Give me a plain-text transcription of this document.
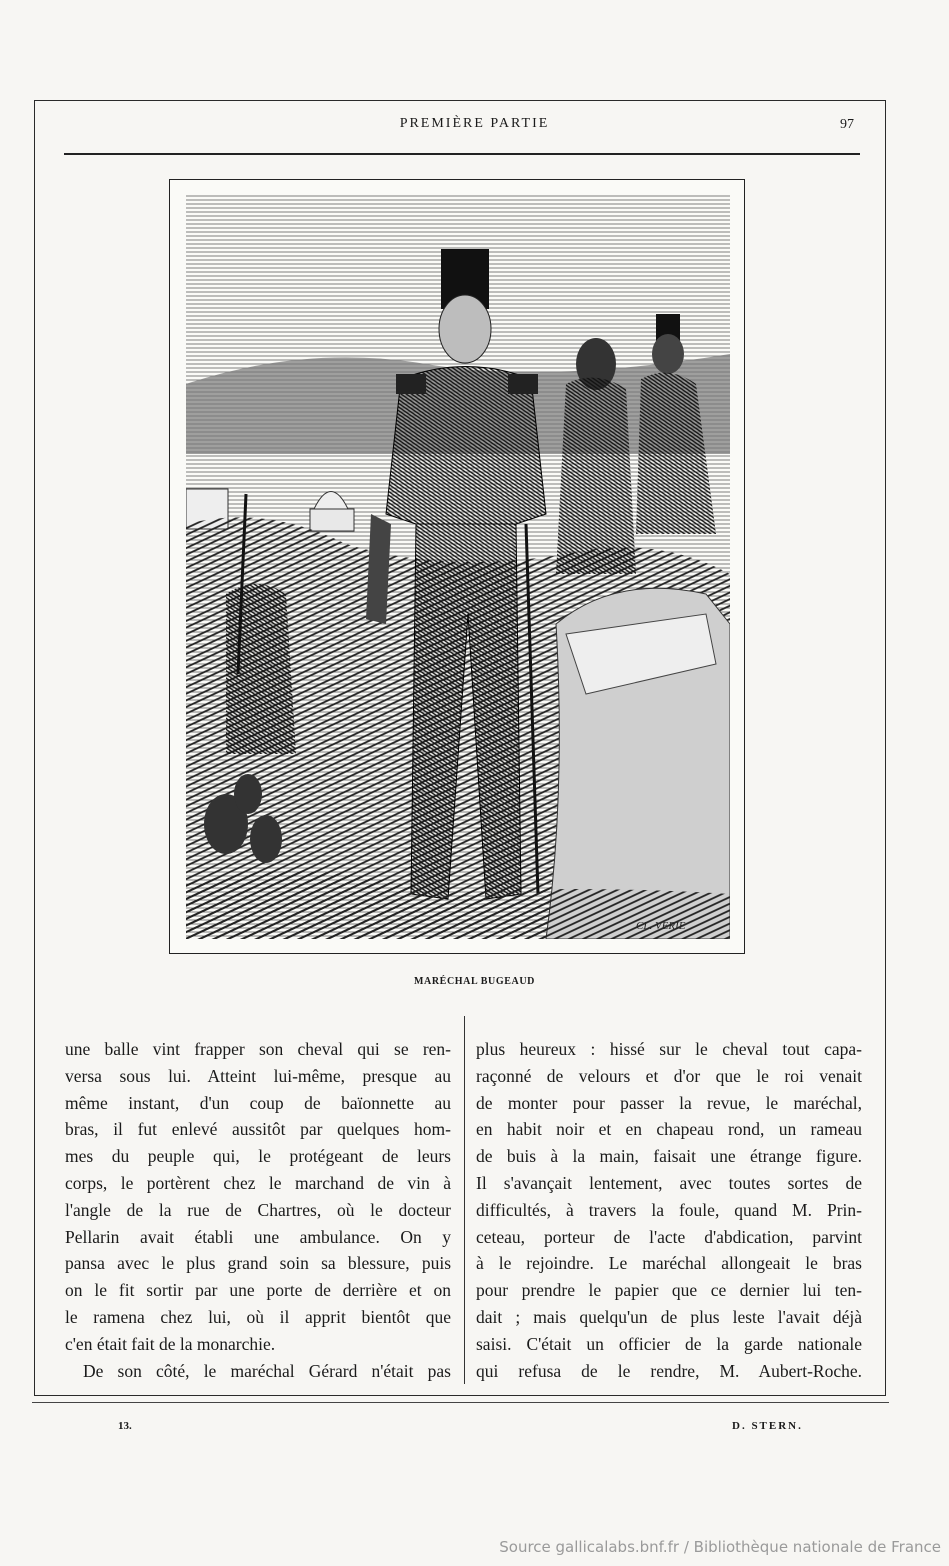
PREMIÈRE PARTIE	97
CL. VERIE
MARÉCHAL BUGEAUD
une balle vint frapper son cheval qui se ren-
versa sous lui. Atteint lui-même, presque au
même instant, d'un coup de baïonnette au
bras, il fut enlevé aussitôt par quelques hom-
mes du peuple qui, le protégeant de leurs
corps, le portèrent chez le marchand de vin à
l'angle de la rue de Chartres, où le docteur
Pellarin avait établi une ambulance. On y
pansa avec le plus grand soin sa blessure, puis
on le fit sortir par une porte de derrière et on
le ramena chez lui, où il apprit bientôt que
c'en était fait de la monarchie.
De son côté, le maréchal Gérard n'était pas
plus heureux : hissé sur le cheval tout capa-
raçonné de velours et d'or que le roi venait
de monter pour passer la revue, le maréchal,
en habit noir et en chapeau rond, un rameau
de buis à la main, faisait une étrange figure.
Il s'avançait lentement, avec toutes sortes de
difficultés, à travers la foule, quand M. Prin-
ceteau, porteur de l'acte d'abdication, parvint
à le rejoindre. Le maréchal allongeait le bras
pour prendre le papier que ce dernier lui ten-
dait ; mais quelqu'un de plus leste l'avait déjà
saisi. C'était un officier de la garde nationale
qui refusa de le rendre, M. Aubert-Roche.
13.	D. STERN.
Source gallicalabs.bnf.fr / Bibliothèque nationale de France
